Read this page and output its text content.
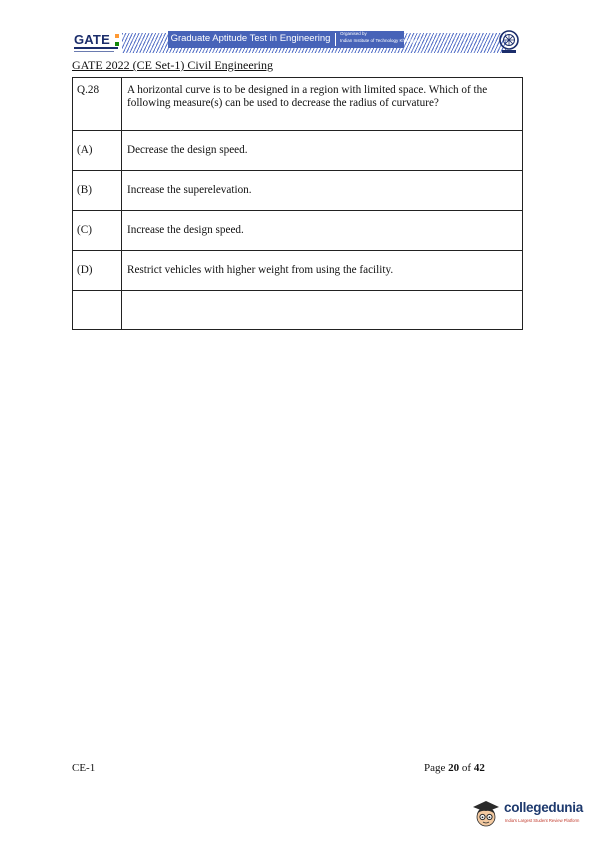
GATE	Graduate Aptitude Test in Engineering	Organised by
Indian Institute of Technology Kharagpur
GATE 2022 (CE Set-1) Civil Engineering
Q.28	A horizontal curve is to be designed in a region with limited space. Which of the following measure(s) can be used to decrease the radius of curvature?
(A)	Decrease the design speed.
(B)	Increase the superelevation.
(C)	Increase the design speed.
(D)	Restrict vehicles with higher weight from using the facility.

CE-1	Page 20 of 42
collegedunia
India's Largest Student Review Platform
